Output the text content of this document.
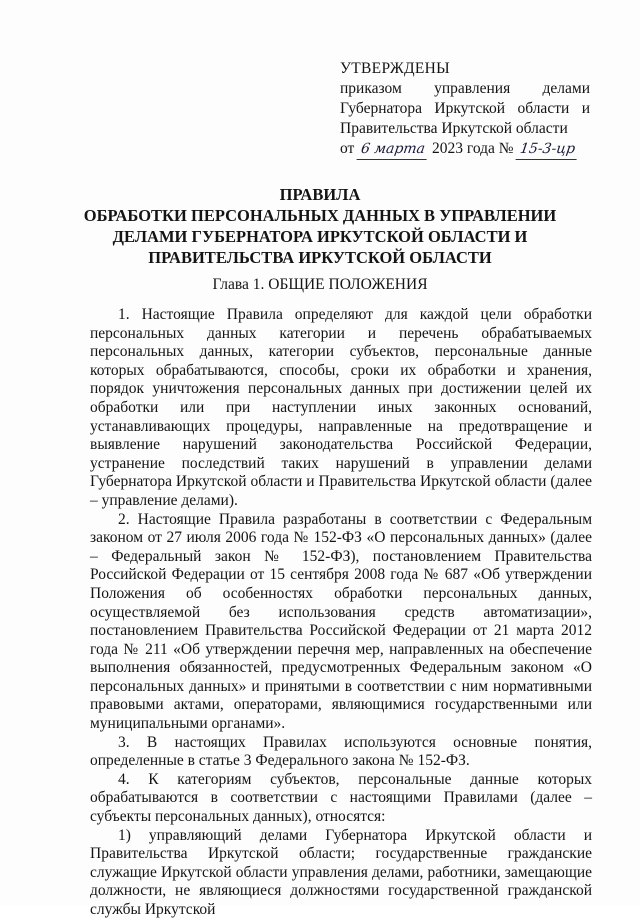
УТВЕРЖДЕНЫ
приказом управления делами
Губернатора Иркутской области и
Правительства Иркутской области
от 6 марта 2023 года № 15-3-цр
ПРАВИЛА
ОБРАБОТКИ ПЕРСОНАЛЬНЫХ ДАННЫХ В УПРАВЛЕНИИ
ДЕЛАМИ ГУБЕРНАТОРА ИРКУТСКОЙ ОБЛАСТИ И
ПРАВИТЕЛЬСТВА ИРКУТСКОЙ ОБЛАСТИ
Глава 1. ОБЩИЕ ПОЛОЖЕНИЯ

1. Настоящие Правила определяют для каждой цели обработки персональных данных категории и перечень обрабатываемых персональных данных, категории субъектов, персональные данные которых обрабатываются, способы, сроки их обработки и хранения, порядок уничтожения персональных данных при достижении целей их обработки или при наступлении иных законных оснований, устанавливающих процедуры, направленные на предотвращение и выявление нарушений законодательства Российской Федерации, устранение последствий таких нарушений в управлении делами Губернатора Иркутской области и Правительства Иркутской области (далее – управление делами).

2. Настоящие Правила разработаны в соответствии с Федеральным законом от 27 июля 2006 года № 152-ФЗ «О персональных данных» (далее – Федеральный закон № 152-ФЗ), постановлением Правительства Российской Федерации от 15 сентября 2008 года № 687 «Об утверждении Положения об особенностях обработки персональных данных, осуществляемой без использования средств автоматизации», постановлением Правительства Российской Федерации от 21 марта 2012 года № 211 «Об утверждении перечня мер, направленных на обеспечение выполнения обязанностей, предусмотренных Федеральным законом «О персональных данных» и принятыми в соответствии с ним нормативными правовыми актами, операторами, являющимися государственными или муниципальными органами».

3. В настоящих Правилах используются основные понятия, определенные в статье 3 Федерального закона № 152-ФЗ.

4. К категориям субъектов, персональные данные которых обрабатываются в соответствии с настоящими Правилами (далее – субъекты персональных данных), относятся:

1) управляющий делами Губернатора Иркутской области и Правительства Иркутской области; государственные гражданские служащие Иркутской области управления делами, работники, замещающие должности, не являющиеся должностями государственной гражданской службы Иркутской
